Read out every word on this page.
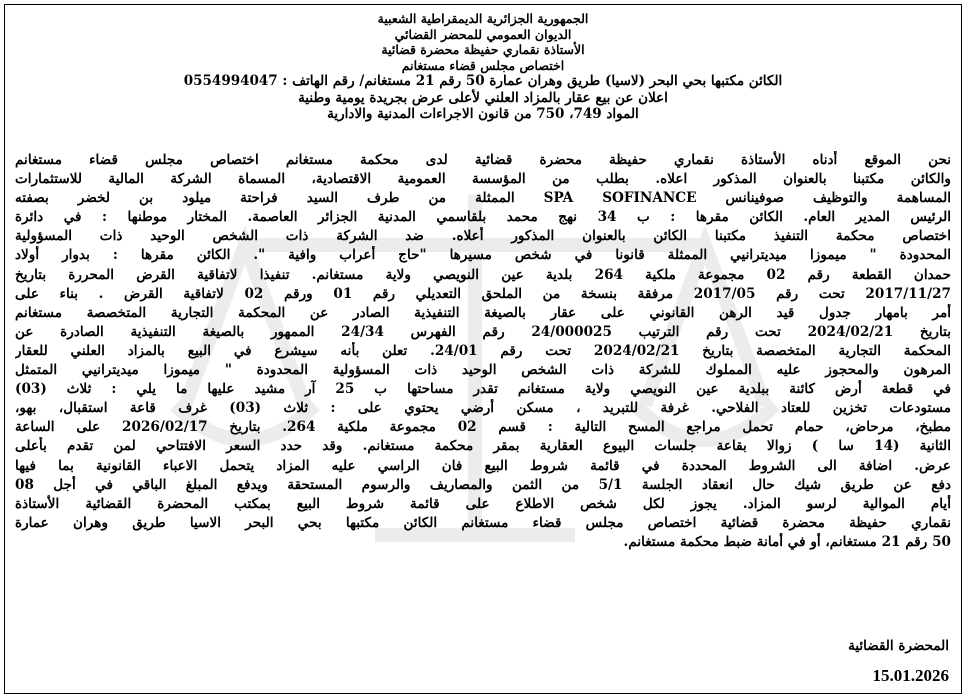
الجمهورية الجزائرية الديمقراطية الشعبية
الديوان العمومي للمحضر القضائي
الأستاذة نقماري حفيظة محضرة قضائية
اختصاص مجلس قضاء مستغانم
الكائن مكتبها بحي البحر (لاسيا) طريق وهران عمارة 50 رقم 21 مستغانم/ رقم الهاتف : 0554994047
اعلان عن بيع عقار بالمزاد العلني لأعلى عرض بجريدة يومية وطنية
المواد 749، 750 من قانون الاجراءات المدنية والادارية
نحن الموقع أدناه الأستاذة نقماري حفيظة محضرة قضائية لدى محكمة مستغانم اختصاص مجلس قضاء مستغانم
والكائن مكتبنا بالعنوان المذكور اعلاه. بطلب من المؤسسة العمومية الاقتصادية، المسماة الشركة المالية للاستثمارات
المساهمة والتوظيف صوفينانس SPA SOFINANCE الممثلة من طرف السيد فراحتة ميلود بن لخضر بصفته
الرئيس المدير العام. الكائن مقرها : ب 34 نهج محمد بلقاسمي المدنية الجزائر العاصمة. المختار موطنها : في دائرة
اختصاص محكمة التنفيذ مكتبنا الكائن بالعنوان المذكور أعلاه. ضد الشركة ذات الشخص الوحيد ذات المسؤولية
المحدودة " ميموزا ميديترانيي الممثلة قانونا في شخص مسيرها "حاج أعراب وافية ". الكائن مقرها : بدوار أولاد
حمدان القطعة رقم 02 مجموعة ملكية 264 بلدية عين النويصي ولاية مستغانم. تنفيذا لاتفاقية القرض المحررة بتاريخ
2017/11/27 تحت رقم 2017/05 مرفقة بنسخة من الملحق التعديلي رقم 01 ورقم 02 لاتفاقية القرض . بناء على
أمر بامهار جدول قيد الرهن القانوني على عقار بالصيغة التنفيذية الصادر عن المحكمة التجارية المتخصصة مستغانم
بتاريخ 2024/02/21 تحت رقم الترتيب 24/000025 رقم الفهرس 24/34 الممهور بالصيغة التنفيذية الصادرة عن
المحكمة التجارية المتخصصة بتاريخ 2024/02/21 تحت رقم 24/01. تعلن بأنه سيشرع في البيع بالمزاد العلني للعقار
المرهون والمحجوز عليه المملوك للشركة ذات الشخص الوحيد ذات المسؤولية المحدودة " ميموزا ميديترانيي المتمثل
في قطعة أرض كائنة ببلدية عين النويصي ولاية مستغانم تقدر مساحتها ب 25 آر مشيد عليها ما يلي : ثلاث (03)
مستودعات تخزين للعتاد الفلاحي. غرفة للتبريد ، مسكن أرضي يحتوي على : ثلاث (03) غرف قاعة استقبال، بهو،
مطبخ، مرحاض، حمام تحمل مراجع المسح التالية : قسم 02 مجموعة ملكية 264. بتاريخ 2026/02/17 على الساعة
الثانية (14 سا ) زوالا بقاعة جلسات البيوع العقارية بمقر محكمة مستغانم. وقد حدد السعر الافتتاحي لمن تقدم بأعلى
عرض. اضافة الى الشروط المحددة في قائمة شروط البيع فان الراسي عليه المزاد يتحمل الاعباء القانونية بما فيها
دفع عن طريق شيك حال انعقاد الجلسة 5/1 من الثمن والمصاريف والرسوم المستحقة ويدفع المبلغ الباقي في أجل 08
أيام الموالية لرسو المزاد. يجوز لكل شخص الاطلاع على قائمة شروط البيع بمكتب المحضرة القضائية الأستاذة
نقماري حفيظة محضرة قضائية اختصاص مجلس قضاء مستغانم الكائن مكتبها بحي البحر الاسيا طريق وهران عمارة
50 رقم 21 مستغانم، أو في أمانة ضبط محكمة مستغانم.
المحضرة القضائية
15.01.2026
